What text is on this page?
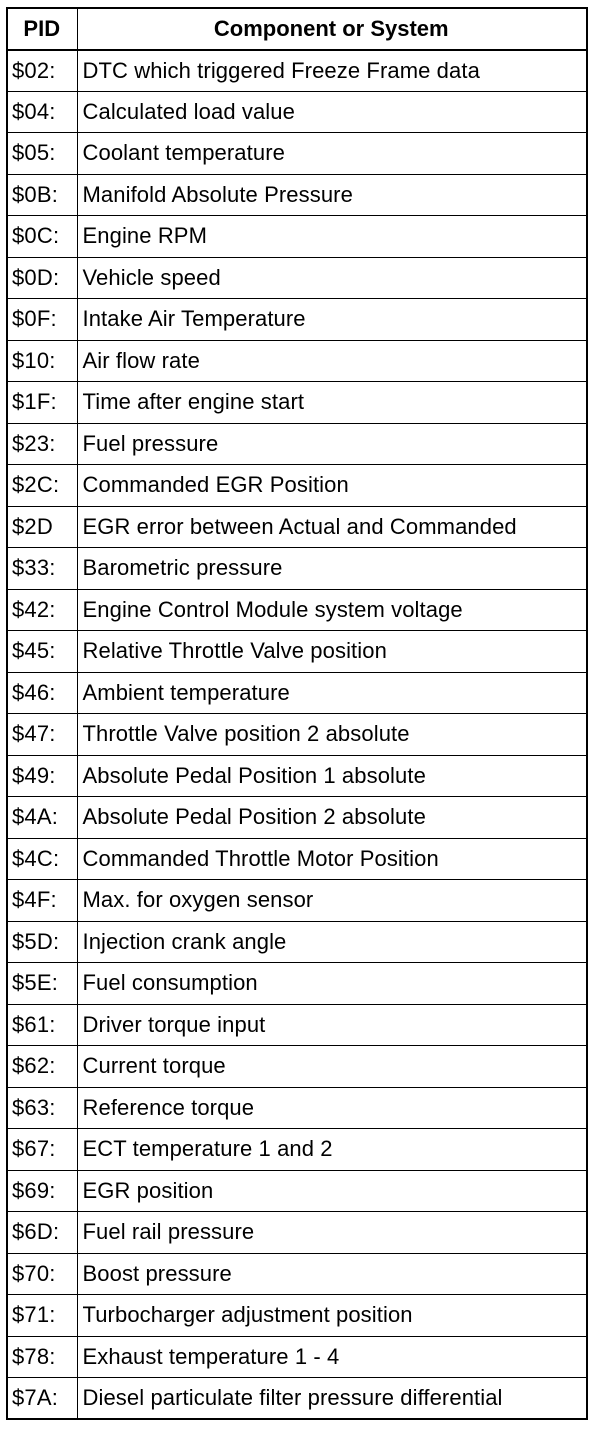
PID	Component or System
$02:	DTC which triggered Freeze Frame data
$04:	Calculated load value
$05:	Coolant temperature
$0B:	Manifold Absolute Pressure
$0C:	Engine RPM
$0D:	Vehicle speed
$0F:	Intake Air Temperature
$10:	Air flow rate
$1F:	Time after engine start
$23:	Fuel pressure
$2C:	Commanded EGR Position
$2D	EGR error between Actual and Commanded
$33:	Barometric pressure
$42:	Engine Control Module system voltage
$45:	Relative Throttle Valve position
$46:	Ambient temperature
$47:	Throttle Valve position 2 absolute
$49:	Absolute Pedal Position 1 absolute
$4A:	Absolute Pedal Position 2 absolute
$4C:	Commanded Throttle Motor Position
$4F:	Max. for oxygen sensor
$5D:	Injection crank angle
$5E:	Fuel consumption
$61:	Driver torque input
$62:	Current torque
$63:	Reference torque
$67:	ECT temperature 1 and 2
$69:	EGR position
$6D:	Fuel rail pressure
$70:	Boost pressure
$71:	Turbocharger adjustment position
$78:	Exhaust temperature 1 - 4
$7A:	Diesel particulate filter pressure differential
